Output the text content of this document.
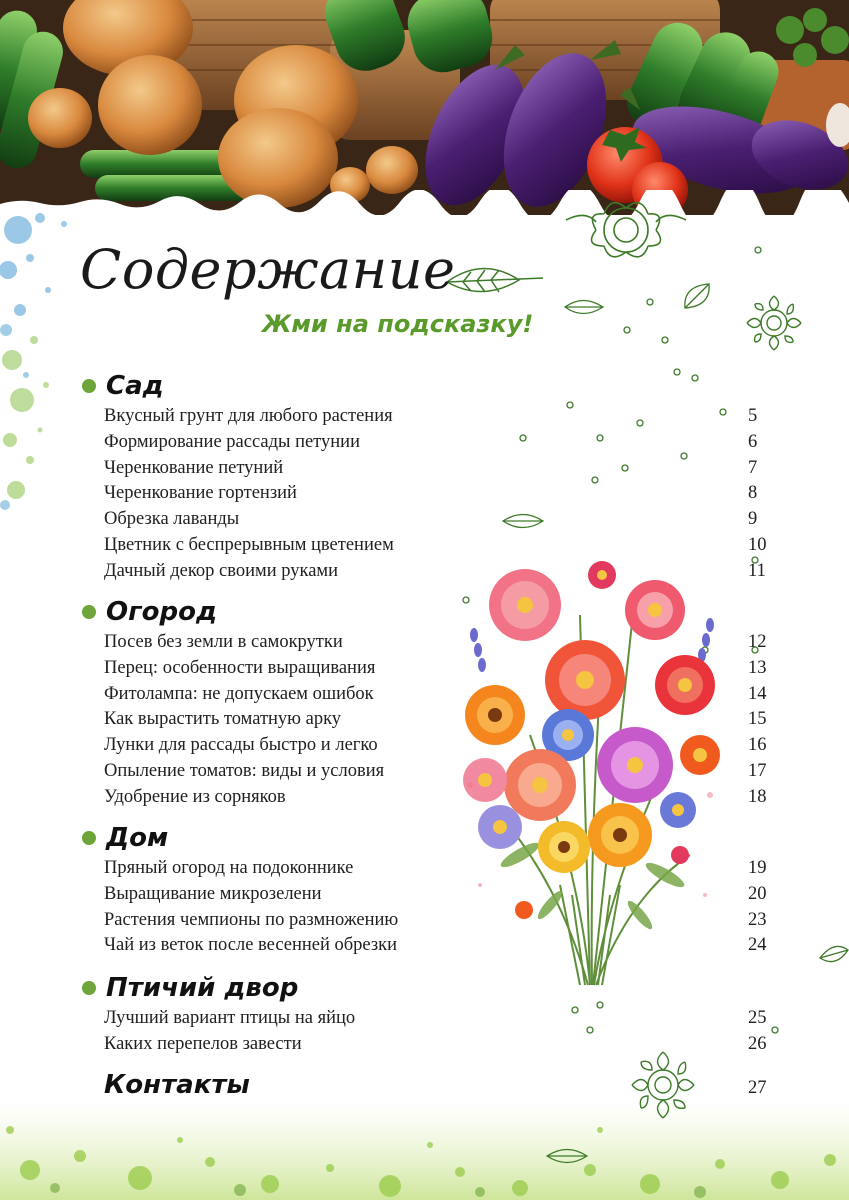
Содержание
Жми на подсказку!
Сад
Вкусный грунт для любого растения	5
Формирование рассады петунии	6
Черенкование петуний	7
Черенкование гортензий	8
Обрезка лаванды	9
Цветник с беспрерывным цветением	10
Дачный декор своими руками	11
Огород
Посев без земли в самокрутки	12
Перец: особенности выращивания	13
Фитолампа: не допускаем ошибок	14
Как вырастить томатную арку	15
Лунки для рассады быстро и легко	16
Опыление томатов: виды и условия	17
Удобрение из сорняков	18
Дом
Пряный огород на подоконнике	19
Выращивание микрозелени	20
Растения чемпионы по размножению	23
Чай из веток после весенней обрезки	24
Птичий двор
Лучший вариант птицы на яйцо	25
Каких перепелов завести	26
Контакты	27
